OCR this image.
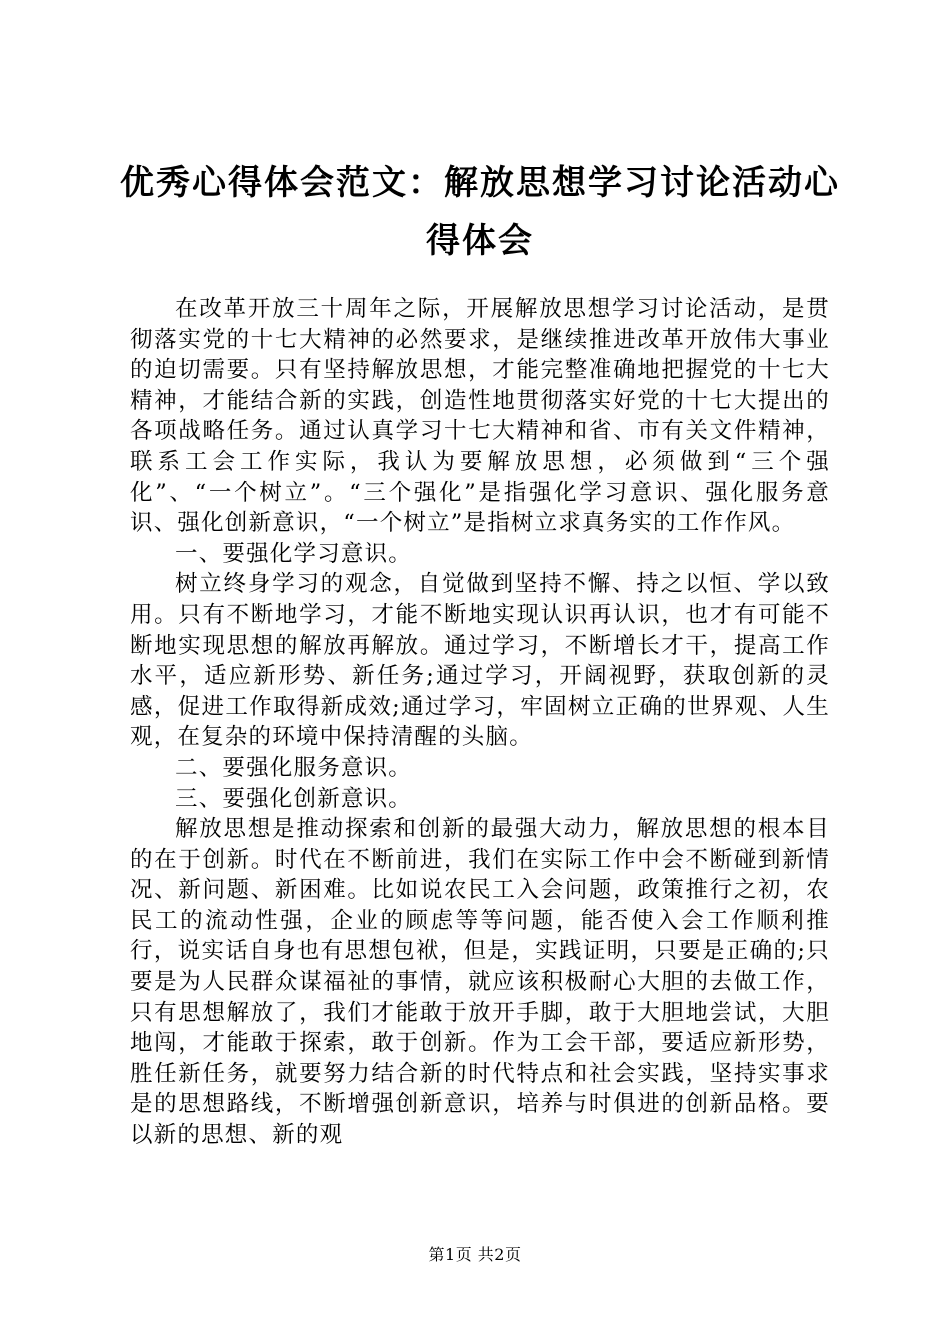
优秀心得体会范文：解放思想学习讨论活动心
得体会

在改革开放三十周年之际，开展解放思想学习讨论活动，是贯彻落实党的十七大精神的必然要求，是继续推进改革开放伟大事业的迫切需要。只有坚持解放思想，才能完整准确地把握党的十七大精神，才能结合新的实践，创造性地贯彻落实好党的十七大提出的各项战略任务。通过认真学习十七大精神和省、市有关文件精神，联系工会工作实际，我认为要解放思想，必须做到“三个强化”、“一个树立”。“三个强化”是指强化学习意识、强化服务意识、强化创新意识，“一个树立”是指树立求真务实的工作作风。

一、要强化学习意识。

树立终身学习的观念，自觉做到坚持不懈、持之以恒、学以致用。只有不断地学习，才能不断地实现认识再认识，也才有可能不断地实现思想的解放再解放。通过学习，不断增长才干，提高工作水平，适应新形势、新任务;通过学习，开阔视野，获取创新的灵感，促进工作取得新成效;通过学习，牢固树立正确的世界观、人生观，在复杂的环境中保持清醒的头脑。

二、要强化服务意识。

三、要强化创新意识。

解放思想是推动探索和创新的最强大动力，解放思想的根本目的在于创新。时代在不断前进，我们在实际工作中会不断碰到新情况、新问题、新困难。比如说农民工入会问题，政策推行之初，农民工的流动性强，企业的顾虑等等问题，能否使入会工作顺利推行，说实话自身也有思想包袱，但是，实践证明，只要是正确的;只要是为人民群众谋福祉的事情，就应该积极耐心大胆的去做工作，只有思想解放了，我们才能敢于放开手脚，敢于大胆地尝试，大胆地闯，才能敢于探索，敢于创新。作为工会干部，要适应新形势，胜任新任务，就要努力结合新的时代特点和社会实践，坚持实事求是的思想路线，不断增强创新意识，培养与时俱进的创新品格。要以新的思想、新的观

第1页 共2页
